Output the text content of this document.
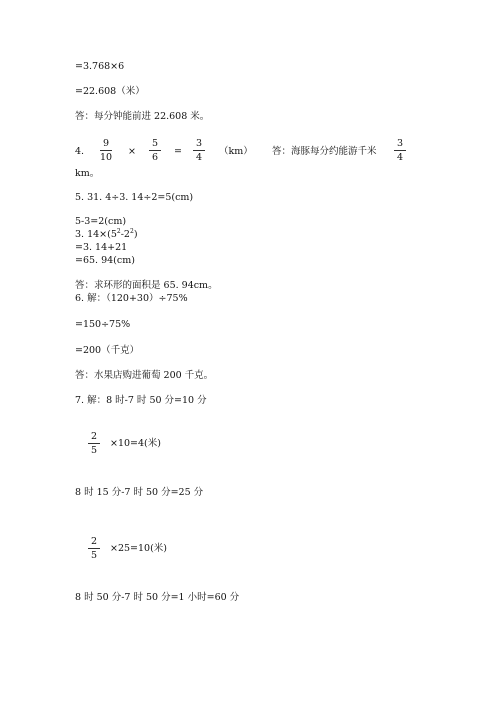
=3.768×6
=22.608（米）
答：每分钟能前进 22.608 米。
4.
9
10
×
5
6
=
3
4
（km） 答：海豚每分约能游千米
3
4
km。
5. 31. 4÷3. 14÷2=5(cm)
5-3=2(cm)
3. $14\times(5^2-2^2)$
=3. 14+21
=65. 94(cm)
答：求环形的面积是 65. 94cm。
6. 解：（120+30）÷75%
=150÷75%
=200（千克）
答：水果店购进葡萄 200 千克。
7. 解：8 时-7 时 50 分=10 分
2
5
×10=4(米)
8 时 15 分-7 时 50 分=25 分
2
5
×25=10(米)
8 时 50 分-7 时 50 分=1 小时=60 分
